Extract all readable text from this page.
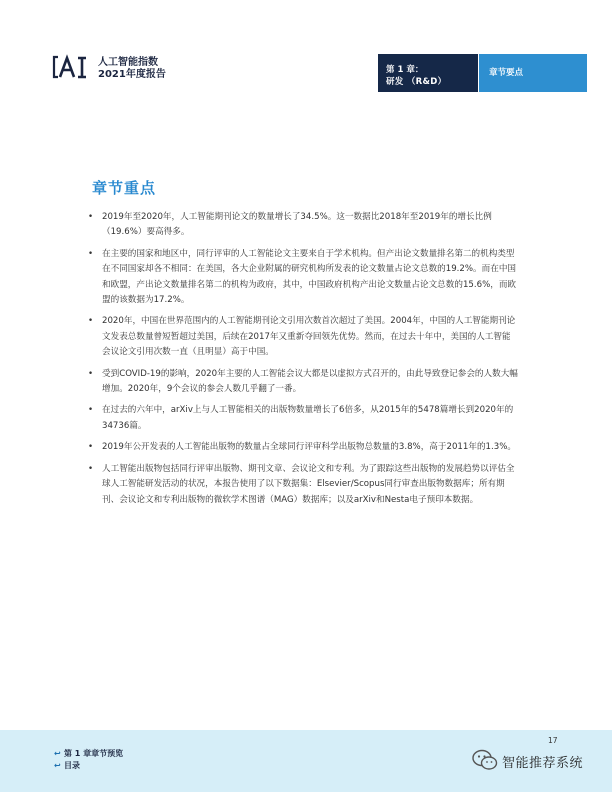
人工智能指数
2021年度报告	第 1 章：
研发 （R&D）
章节要点
章节重点
• 2019年至2020年，人工智能期刊论文的数量增长了34.5%。这一数据比2018年至2019年的增长比例（19.6%）要高得多。
• 在主要的国家和地区中，同行评审的人工智能论文主要来自于学术机构。但产出论文数量排名第二的机构类型在不同国家却各不相同：在美国，各大企业附属的研究机构所发表的论文数量占论文总数的19.2%。而在中国和欧盟，产出论文数量排名第二的机构为政府，其中，中国政府机构产出论文数量占论文总数的15.6%，而欧盟的该数据为17.2%。
• 2020年，中国在世界范围内的人工智能期刊论文引用次数首次超过了美国。2004年，中国的人工智能期刊论文发表总数量曾短暂超过美国，后续在2017年又重新夺回领先优势。然而，在过去十年中，美国的人工智能会议论文引用次数一直（且明显）高于中国。
• 受到COVID-19的影响，2020年主要的人工智能会议大都是以虚拟方式召开的，由此导致登记参会的人数大幅增加。2020年，9个会议的参会人数几乎翻了一番。
• 在过去的六年中，arXiv上与人工智能相关的出版物数量增长了6倍多，从2015年的5478篇增长到2020年的34736篇。
• 2019年公开发表的人工智能出版物的数量占全球同行评审科学出版物总数量的3.8%，高于2011年的1.3%。
• 人工智能出版物包括同行评审出版物、期刊文章、会议论文和专利。为了跟踪这些出版物的发展趋势以评估全球人工智能研发活动的状况，本报告使用了以下数据集：Elsevier/Scopus同行审查出版物数据库；所有期刊、会议论文和专利出版物的微软学术图谱（MAG）数据库；以及arXiv和Nesta电子预印本数据。
17
↩ 第 1 章章节预览
↩ 目录	智能推荐系统
